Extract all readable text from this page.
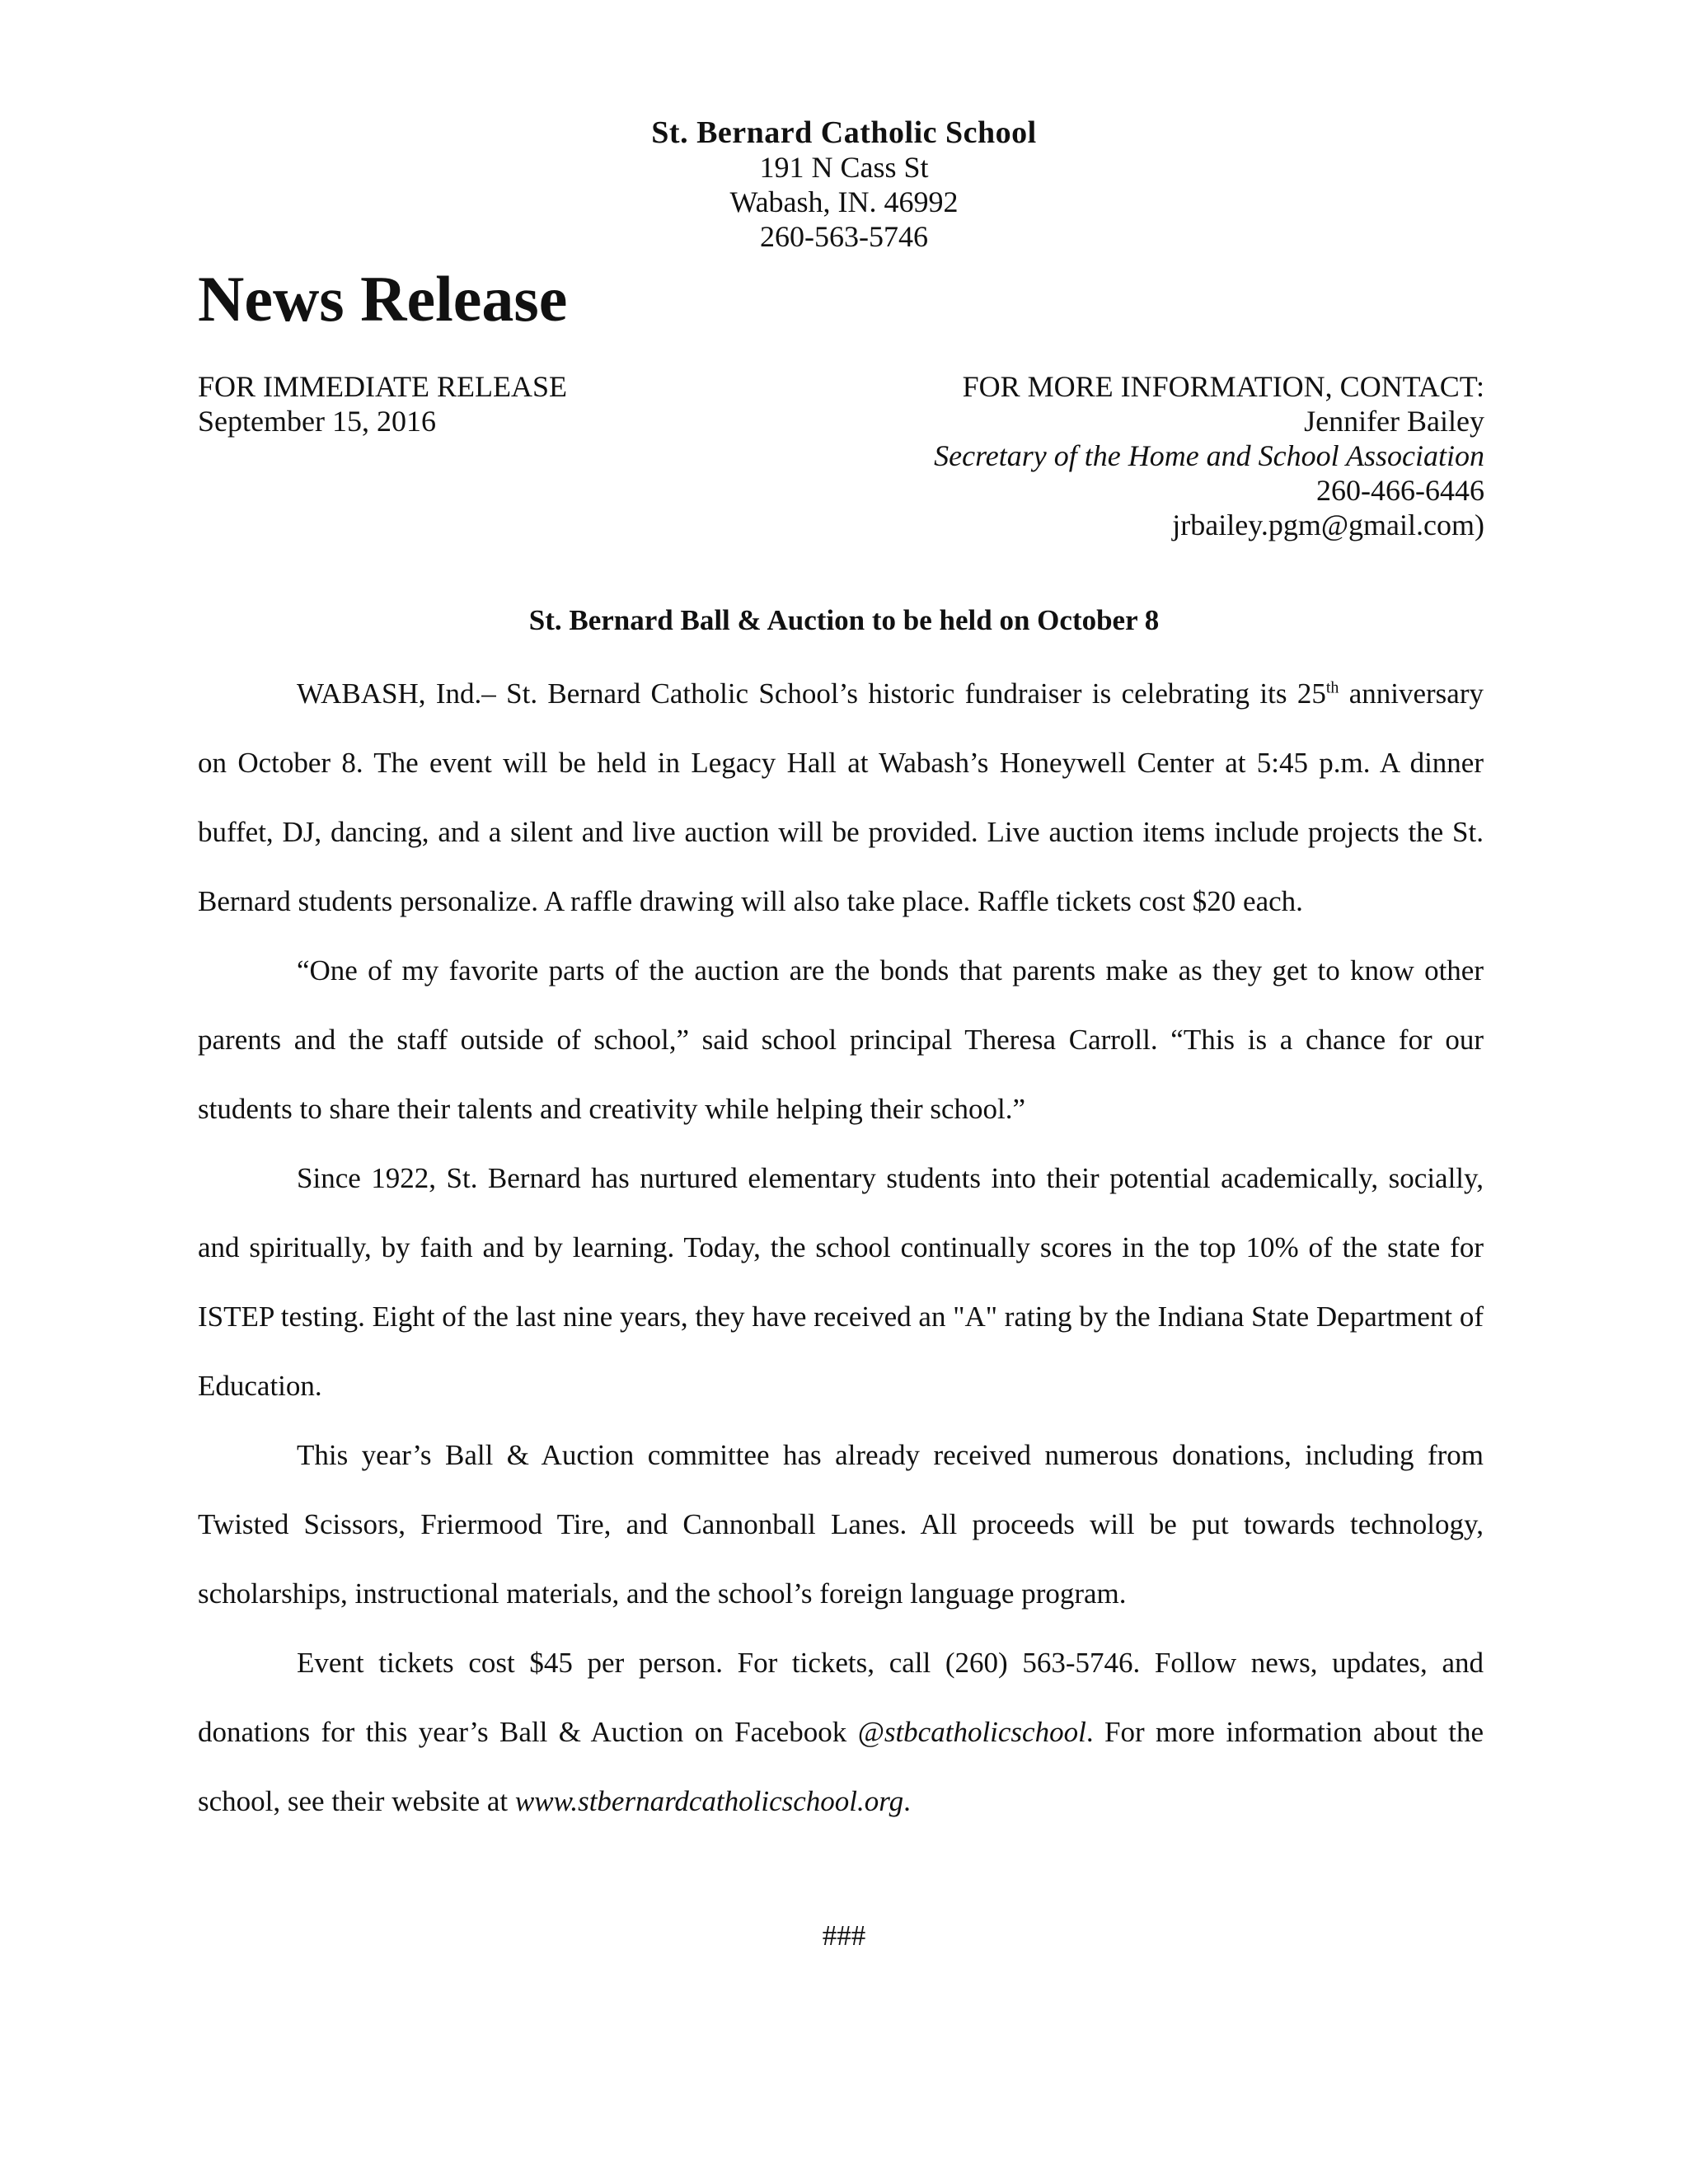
St. Bernard Catholic School
191 N Cass St
Wabash, IN. 46992
260-563-5746
News Release
FOR IMMEDIATE RELEASE
September 15, 2016
FOR MORE INFORMATION, CONTACT:
Jennifer Bailey
Secretary of the Home and School Association
260-466-6446
jrbailey.pgm@gmail.com)
St. Bernard Ball & Auction to be held on October 8

WABASH, Ind.– St. Bernard Catholic School’s historic fundraiser is celebrating its 25th anniversary on October 8. The event will be held in Legacy Hall at Wabash’s Honeywell Center at 5:45 p.m. A dinner buffet, DJ, dancing, and a silent and live auction will be provided. Live auction items include projects the St. Bernard students personalize. A raffle drawing will also take place. Raffle tickets cost $20 each.

“One of my favorite parts of the auction are the bonds that parents make as they get to know other parents and the staff outside of school,” said school principal Theresa Carroll. “This is a chance for our students to share their talents and creativity while helping their school.”

Since 1922, St. Bernard has nurtured elementary students into their potential academically, socially, and spiritually, by faith and by learning. Today, the school continually scores in the top 10% of the state for ISTEP testing. Eight of the last nine years, they have received an "A" rating by the Indiana State Department of Education.

This year’s Ball & Auction committee has already received numerous donations, including from Twisted Scissors, Friermood Tire, and Cannonball Lanes. All proceeds will be put towards technology, scholarships, instructional materials, and the school’s foreign language program.

Event tickets cost $45 per person. For tickets, call (260) 563-5746. Follow news, updates, and donations for this year’s Ball & Auction on Facebook @stbcatholicschool. For more information about the school, see their website at www.stbernardcatholicschool.org.

###
